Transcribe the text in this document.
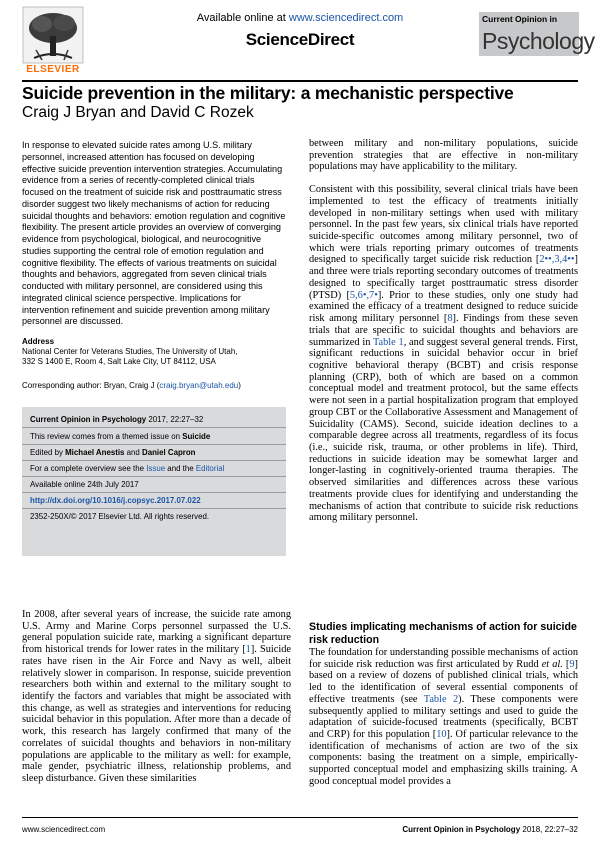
Available online at www.sciencedirect.com
ScienceDirect
ELSEVIER
Current Opinion in
Psychology
Suicide prevention in the military: a mechanistic perspective
Craig J Bryan and David C Rozek
In response to elevated suicide rates among U.S. military personnel, increased attention has focused on developing effective suicide prevention intervention strategies. Accumulating evidence from a series of recently-completed clinical trials focused on the treatment of suicide risk and posttraumatic stress disorder suggest two likely mechanisms of action for reducing suicidal thoughts and behaviors: emotion regulation and cognitive flexibility. The present article provides an overview of converging evidence from psychological, biological, and neurocognitive studies supporting the central role of emotion regulation and cognitive flexibility. The effects of various treatments on suicidal thoughts and behaviors, aggregated from seven clinical trials conducted with military personnel, are considered using this integrated clinical science perspective. Implications for intervention refinement and suicide prevention among military personnel are discussed.
Address
National Center for Veterans Studies, The University of Utah,
332 S 1400 E, Room 4, Salt Lake City, UT 84112, USA
Corresponding author: Bryan, Craig J (craig.bryan@utah.edu)
Current Opinion in Psychology 2017, 22:27–32
This review comes from a themed issue on Suicide
Edited by Michael Anestis and Daniel Capron
For a complete overview see the Issue and the Editorial
Available online 24th July 2017
http://dx.doi.org/10.1016/j.copsyc.2017.07.022
2352-250X/© 2017 Elsevier Ltd. All rights reserved.

In 2008, after several years of increase, the suicide rate among U.S. Army and Marine Corps personnel surpassed the U.S. general population suicide rate, marking a significant departure from historical trends for lower rates in the military [1]. Suicide rates have risen in the Air Force and Navy as well, albeit relatively slower in comparison. In response, suicide prevention researchers both within and external to the military sought to identify the factors and variables that might be associated with this change, as well as strategies and interventions for reducing suicidal behavior in this population. After more than a decade of work, this research has largely confirmed that many of the correlates of suicidal thoughts and behaviors in non-military populations are applicable to the military as well: for example, male gender, psychiatric illness, relationship problems, and sleep disturbance. Given these similarities

between military and non-military populations, suicide prevention strategies that are effective in non-military populations may have applicability to the military.

Consistent with this possibility, several clinical trials have been implemented to test the efficacy of treatments initially developed in non-military settings when used with military personnel. In the past few years, six clinical trials have reported suicide-specific outcomes among military personnel, two of which were trials reporting primary outcomes of treatments designed to specifically target suicide risk reduction [2••,3,4••] and three were trials reporting secondary outcomes of treatments designed to specifically target posttraumatic stress disorder (PTSD) [5,6•,7•]. Prior to these studies, only one study had examined the efficacy of a treatment designed to reduce suicide risk among military personnel [8]. Findings from these seven trials that are specific to suicidal thoughts and behaviors are summarized in Table 1, and suggest several general trends. First, significant reductions in suicidal behavior occur in brief cognitive behavioral therapy (BCBT) and crisis response planning (CRP), both of which are based on a common conceptual model and treatment protocol, but the same effects were not seen in a partial hospitalization program that employed group CBT or the Collaborative Assessment and Management of Suicidality (CAMS). Second, suicide ideation declines to a comparable degree across all treatments, regardless of its focus (i.e., suicide risk, trauma, or other problems in life). Third, reductions in suicide ideation may be somewhat larger and longer-lasting in cognitively-oriented trauma therapies. The observed similarities and differences across these various treatments provide clues for identifying and understanding the mechanisms of action that contribute to suicide risk reductions among military personnel.

Studies implicating mechanisms of action for suicide risk reduction

The foundation for understanding possible mechanisms of action for suicide risk reduction was first articulated by Rudd et al. [9] based on a review of dozens of published clinical trials, which led to the identification of several essential components of effective treatments (see Table 2). These components were subsequently applied to military settings and used to guide the adaptation of suicide-focused treatments (specifically, BCBT and CRP) for this population [10]. Of particular relevance to the identification of mechanisms of action are two of the six components: basing the treatment on a simple, empirically-supported conceptual model and emphasizing skills training. A good conceptual model provides a

www.sciencedirect.com	Current Opinion in Psychology 2018, 22:27–32
